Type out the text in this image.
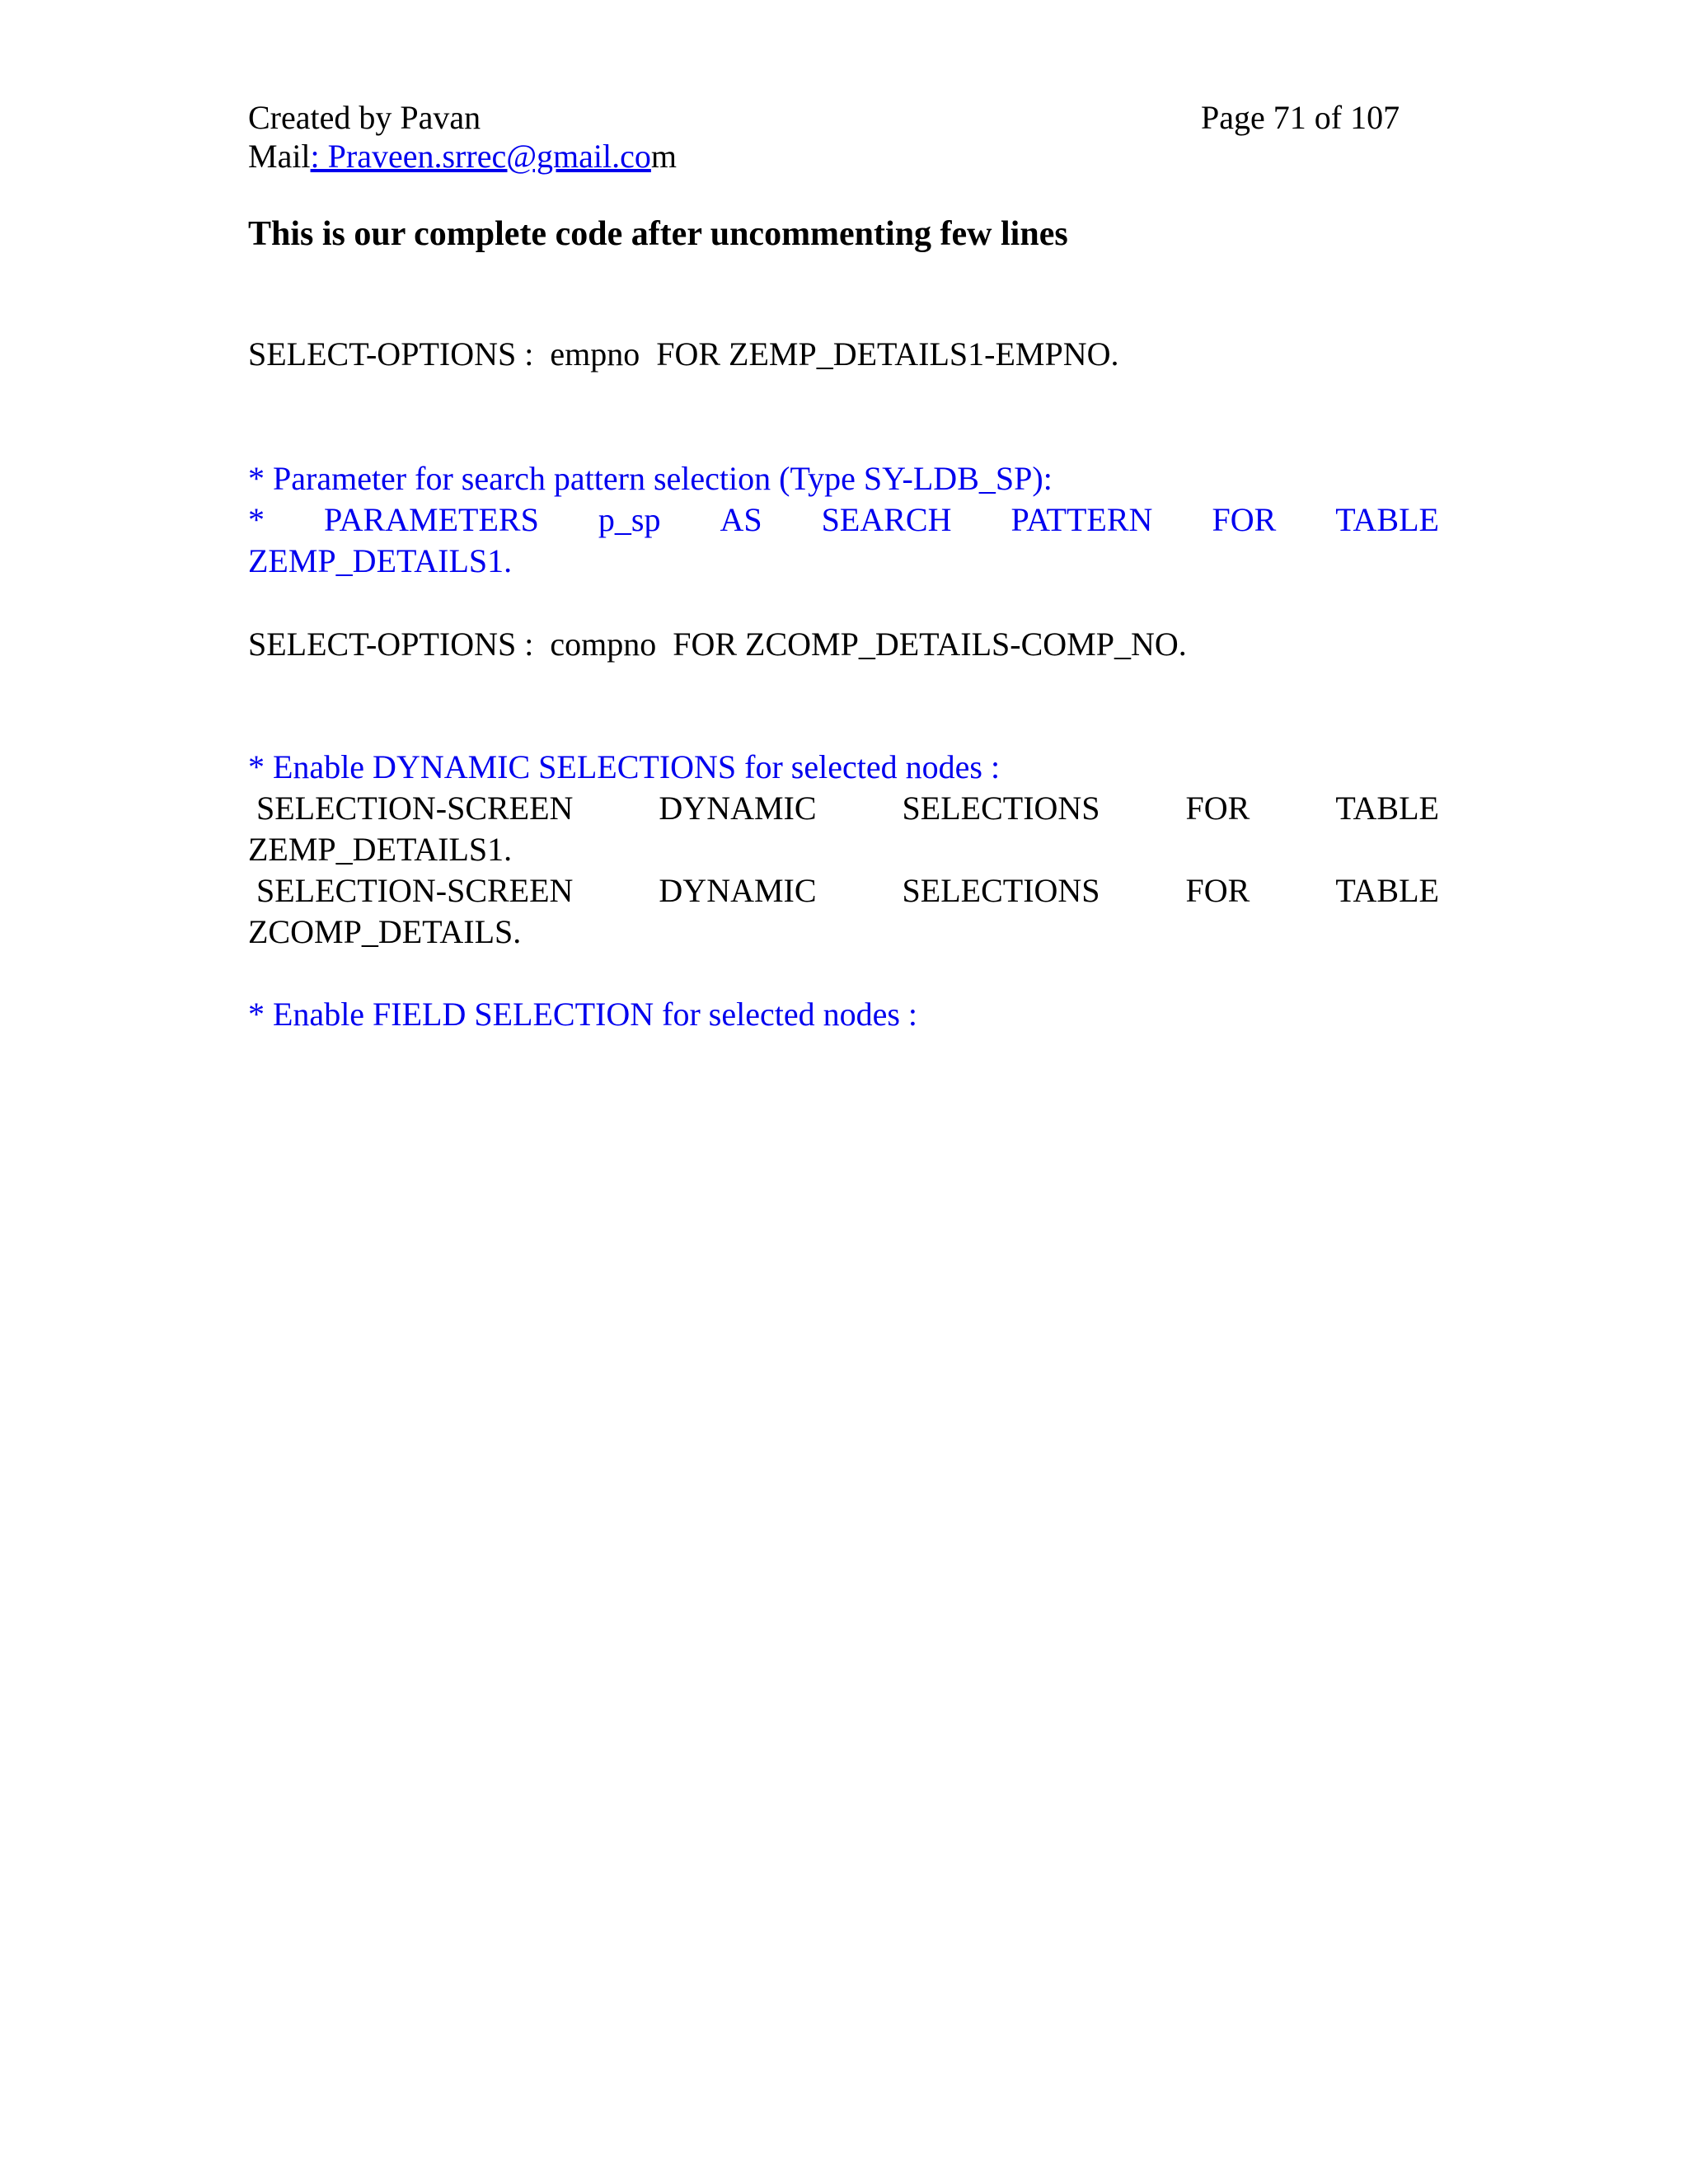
Created by Pavan	Page 71 of 107
Mail: Praveen.srrec@gmail.com
This is our complete code after uncommenting few lines
SELECT-OPTIONS :  empno  FOR ZEMP_DETAILS1-EMPNO.
* Parameter for search pattern selection (Type SY-LDB_SP):
* PARAMETERS p_sp AS SEARCH PATTERN FOR TABLE
ZEMP_DETAILS1.
SELECT-OPTIONS :  compno  FOR ZCOMP_DETAILS-COMP_NO.
* Enable DYNAMIC SELECTIONS for selected nodes :
SELECTION-SCREEN	DYNAMIC	SELECTIONS	FOR	TABLE
ZEMP_DETAILS1.
SELECTION-SCREEN	DYNAMIC	SELECTIONS	FOR	TABLE
ZCOMP_DETAILS.
* Enable FIELD SELECTION for selected nodes :
